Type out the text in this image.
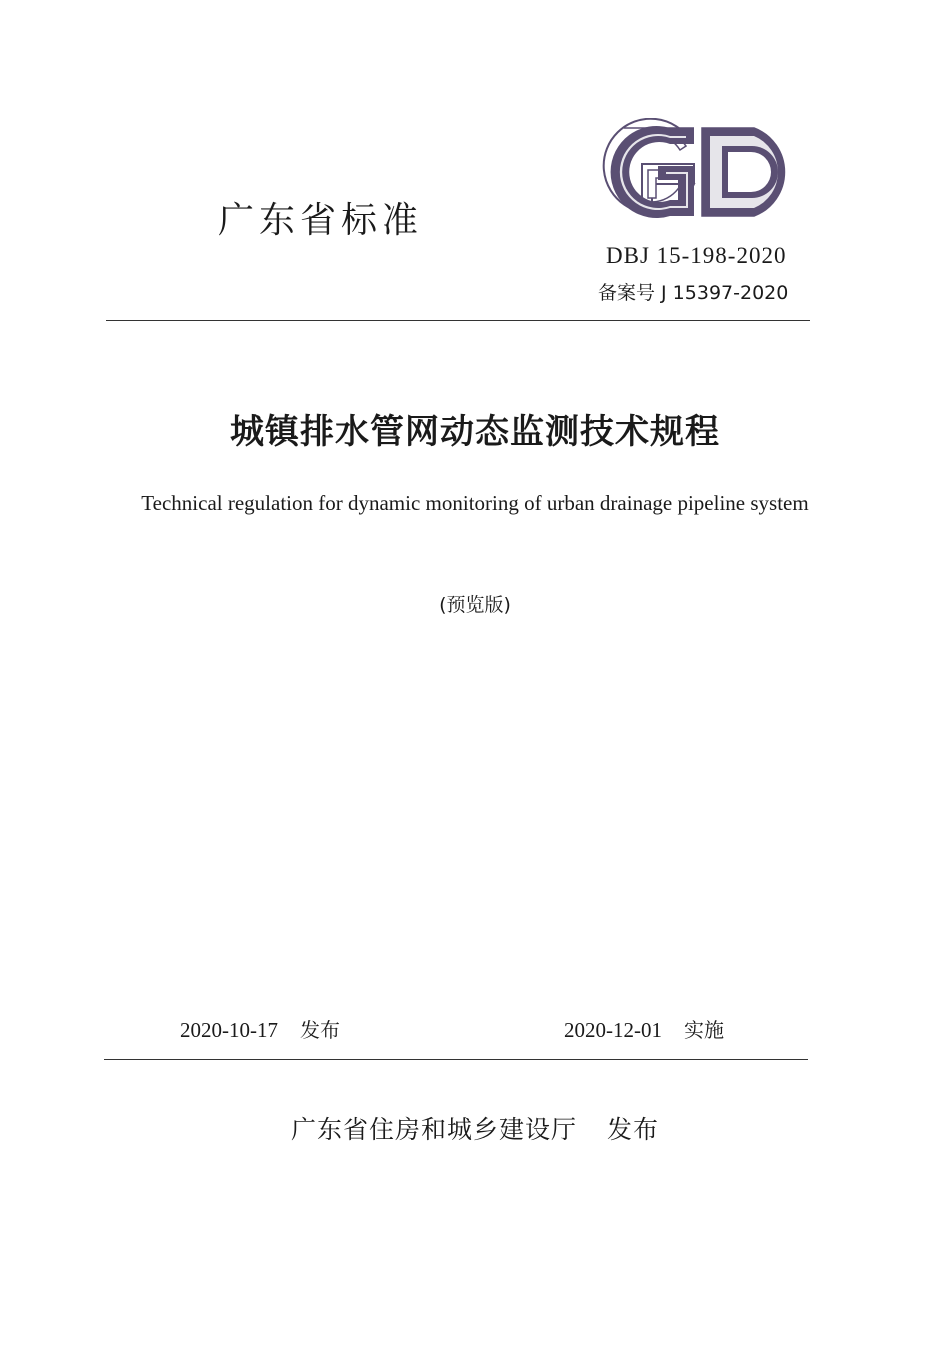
广东省标准
DBJ 15-198-2020
备案号 J 15397-2020
城镇排水管网动态监测技术规程
Technical regulation for dynamic monitoring of urban drainage pipeline system
(预览版)
2020-10-17 发布	2020-12-01 实施
广东省住房和城乡建设厅 发布
